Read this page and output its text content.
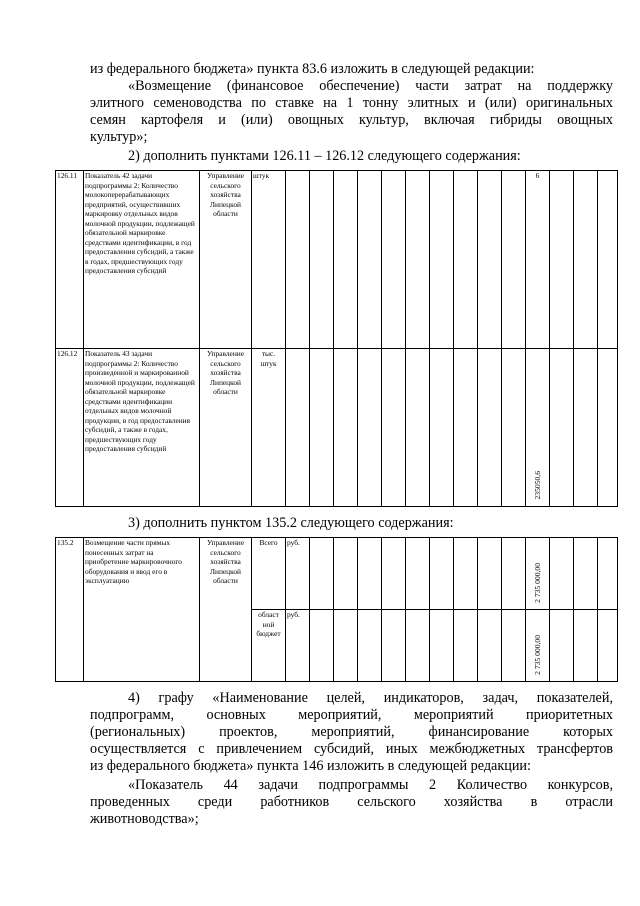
из федерального бюджета» пункта 83.6 изложить в следующей редакции:
«Возмещение (финансовое обеспечение) части затрат на поддержку
элитного семеноводства по ставке на 1 тонну элитных и (или) оригинальных
семян картофеля и (или) овощных культур, включая гибриды овощных
культур»;
2) дополнить пунктами 126.11 – 126.12 следующего содержания:
126.11	Показатель 42 задачи подпрограммы 2: Количество молокоперерабатывающих предприятий, осуществивших маркировку отдельных видов молочной продукции, подлежащей обязательной маркировке средствами идентификации, в год предоставления субсидий, а также в годах, предшествующих году предоставления субсидий	Управление сельского хозяйства Липецкой области	штук											6			
126.12	Показатель 43 задачи подпрограммы 2: Количество произведенной и маркированной молочной продукции, подлежащей обязательной маркировке средствами идентификации отдельных видов молочной продукции, в год предоставления субсидий, а также в годах, предшествующих году предоставления субсидий	Управление сельского хозяйства Липецкой области	тыс. штук											235050,6			
3) дополнить пунктом 135.2 следующего содержания:
135.2	Возмещение части прямых понесенных затрат на приобретение маркировочного оборудования и ввод его в эксплуатацию	Управление сельского хозяйства Липецкой области	Всего	руб.										2 735 000,00			
			област ной бюджет	руб.										2 735 000,00			
4) графу «Наименование целей, индикаторов, задач, показателей,
подпрограмм, основных мероприятий, мероприятий приоритетных
(региональных) проектов, мероприятий, финансирование которых
осуществляется с привлечением субсидий, иных межбюджетных трансфертов
из федерального бюджета» пункта 146 изложить в следующей редакции:
«Показатель 44 задачи подпрограммы 2 Количество конкурсов,
проведенных среди работников сельского хозяйства в отрасли
животноводства»;
